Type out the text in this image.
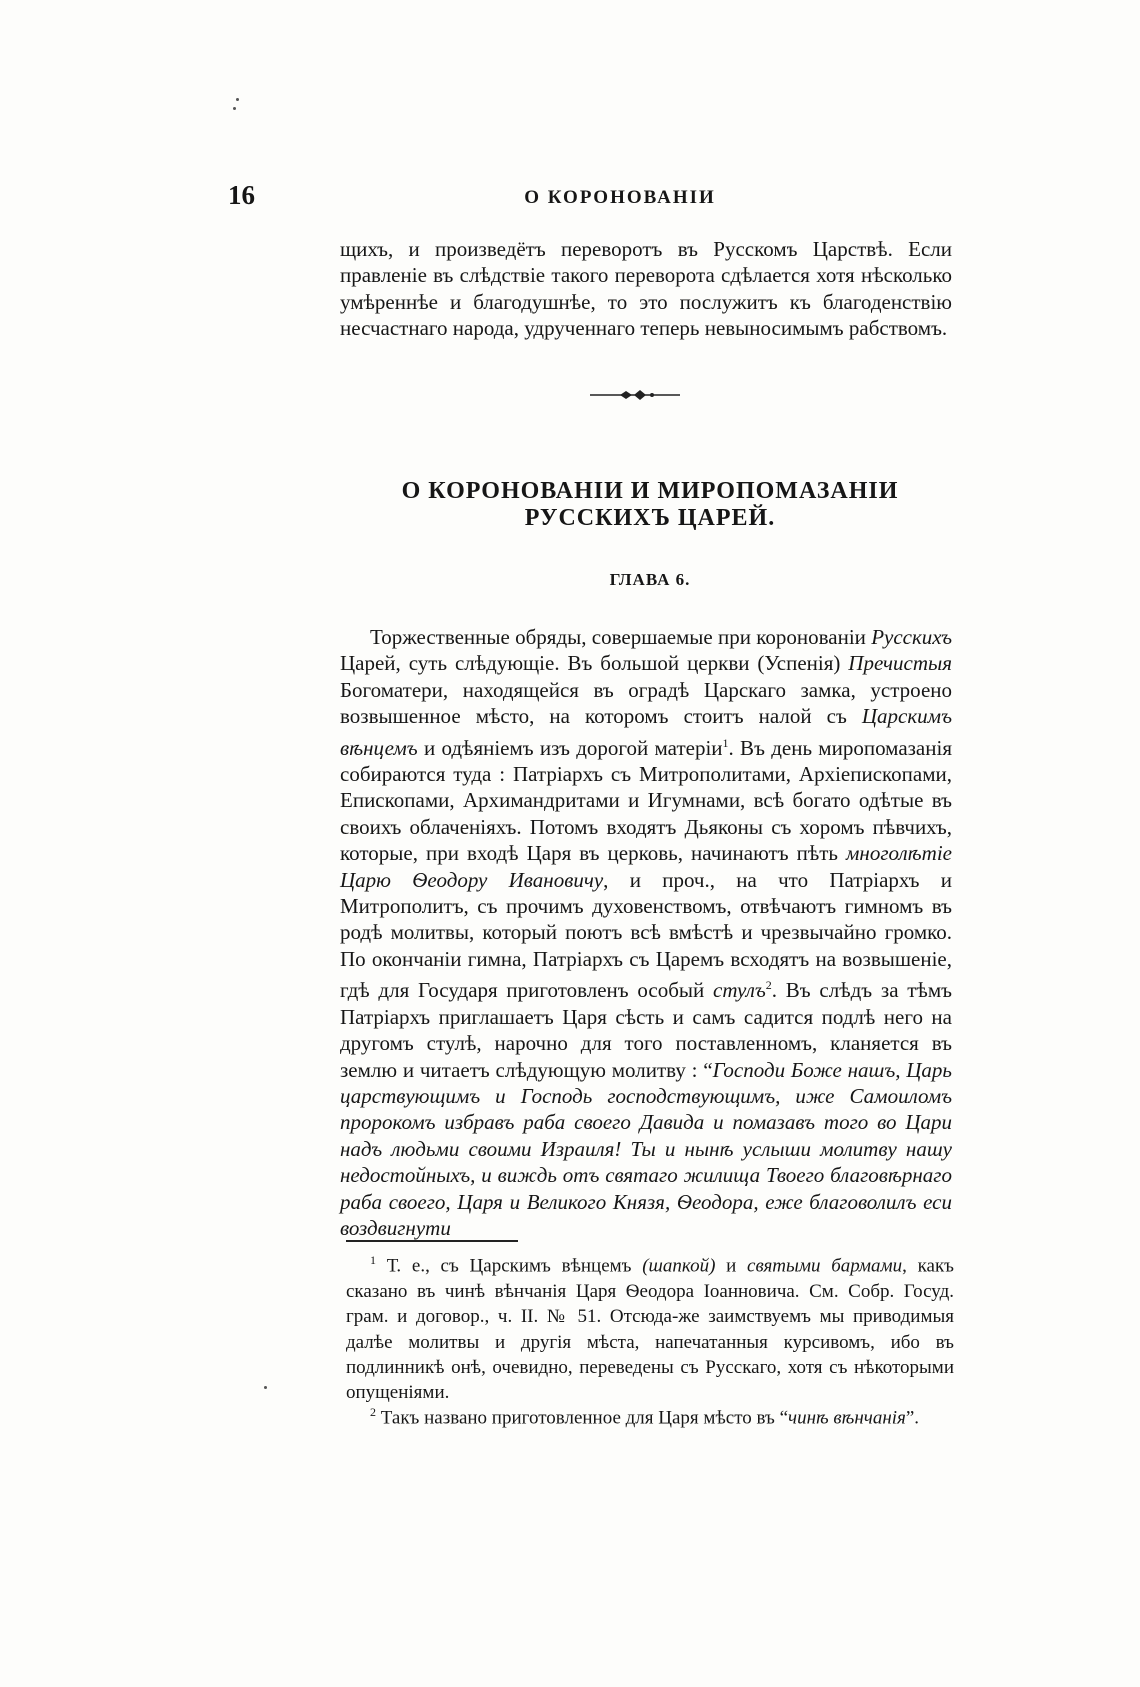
16	О КОРОНОВАНІИ

щихъ, и произведётъ переворотъ въ Русскомъ Царствѣ. Если правленіе въ слѣдствіе такого переворота сдѣлается хотя нѣсколько умѣреннѣе и благодушнѣе, то это послужитъ къ благоденствію несчастнаго народа, удрученнаго теперь невыносимымъ рабствомъ.

О КОРОНОВАНІИ И МИРОПОМАЗАНІИ РУССКИХЪ ЦАРЕЙ.
ГЛАВА 6.

Торжественные обряды, совершаемые при коронованіи Русскихъ Царей, суть слѣдующіе. Въ большой церкви (Успенія) Пречистыя Богоматери, находящейся въ оградѣ Царскаго замка, устроено возвышенное мѣсто, на которомъ стоитъ налой съ Царскимъ вѣнцемъ и одѣяніемъ изъ дорогой матеріи$^1$. Въ день миропомазанія собираются туда : Патріархъ съ Митрополитами, Архіепископами, Епископами, Архимандритами и Игумнами, всѣ богато одѣтые въ своихъ облаченіяхъ. Потомъ входятъ Дьяконы съ хоромъ пѣвчихъ, которые, при входѣ Царя въ церковь, начинаютъ пѣть многолѣтіе Царю Ѳеодору Ивановичу, и проч., на что Патріархъ и Митрополитъ, съ прочимъ духовенствомъ, отвѣчаютъ гимномъ въ родѣ молитвы, который поютъ всѣ вмѣстѣ и чрезвычайно громко. По окончаніи гимна, Патріархъ съ Царемъ всходятъ на возвышеніе, гдѣ для Государя приготовленъ особый стулъ$^2$. Въ слѣдъ за тѣмъ Патріархъ приглашаетъ Царя сѣсть и самъ садится подлѣ него на другомъ стулѣ, нарочно для того поставленномъ, кланяется въ землю и читаетъ слѣдующую молитву : “Господи Боже нашъ, Царь царствующимъ и Господь господствующимъ, иже Самоиломъ пророкомъ избравъ раба своего Давида и помазавъ того во Цари надъ людьми своими Израиля! Ты и нынѣ услыши молитву нашу недостойныхъ, и виждь отъ святаго жилища Твоего благовѣрнаго раба своего, Царя и Великого Князя, Ѳеодора, еже благоволилъ еси воздвигнути

$^1$ Т. е., съ Царскимъ вѣнцемъ (шапкой) и святыми бармами, какъ сказано въ чинѣ вѣнчанія Царя Ѳеодора Іоанновича. См. Собр. Госуд. грам. и договор., ч. II. № 51. Отсюда-же заимствуемъ мы приводимыя далѣе молитвы и другія мѣста, напечатанныя курсивомъ, ибо въ подлинникѣ онѣ, очевидно, переведены съ Русскаго, хотя съ нѣкоторыми опущеніями.

$^2$ Такъ названо приготовленное для Царя мѣсто въ “чинѣ вѣнчанія”.
